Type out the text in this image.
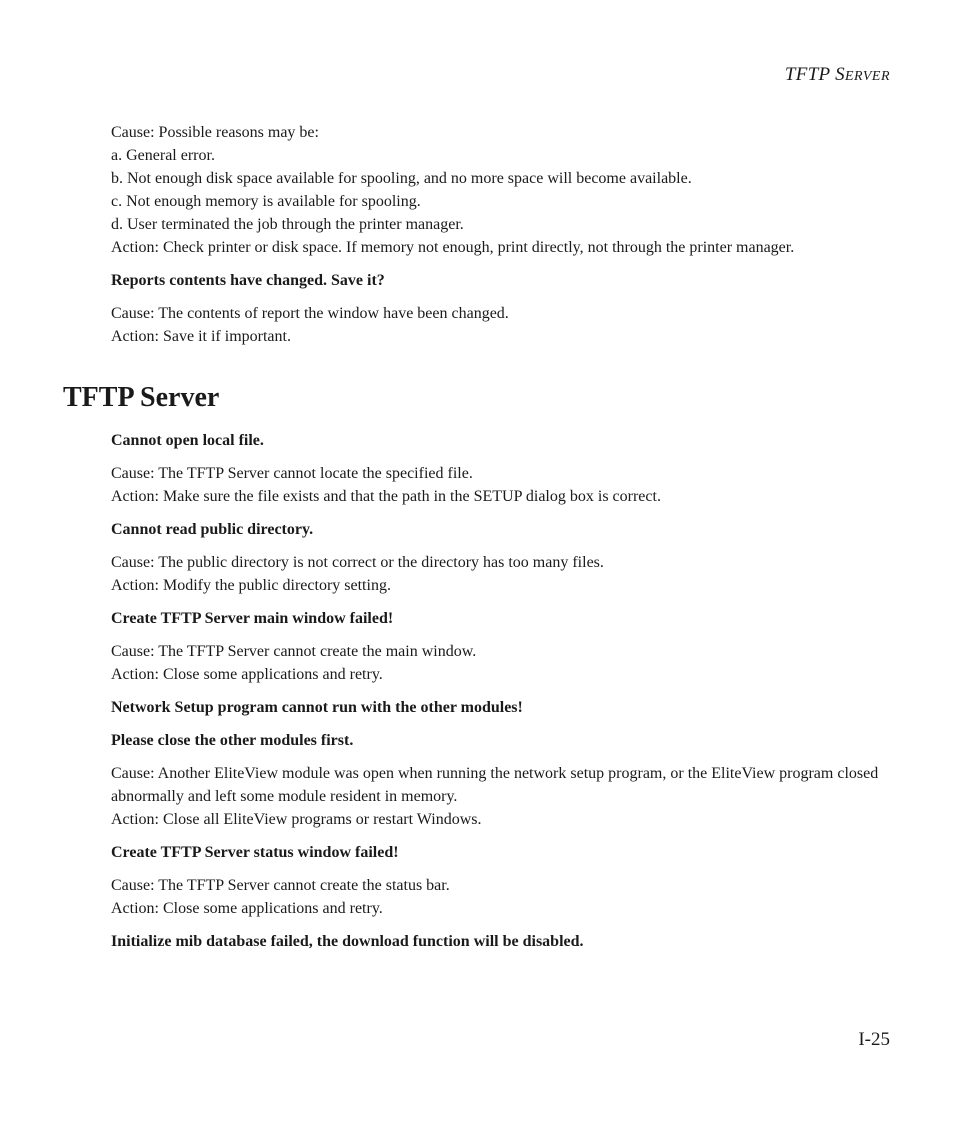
TFTP SERVER

Cause: Possible reasons may be:

a. General error.

b. Not enough disk space available for spooling, and no more space will become available.

c. Not enough memory is available for spooling.

d. User terminated the job through the printer manager.

Action: Check printer or disk space. If memory not enough, print directly, not through the printer manager.

Reports contents have changed. Save it?

Cause: The contents of report the window have been changed.

Action: Save it if important.

TFTP Server
Cannot open local file.

Cause: The TFTP Server cannot locate the specified file.

Action: Make sure the file exists and that the path in the SETUP dialog box is correct.

Cannot read public directory.

Cause: The public directory is not correct or the directory has too many files.

Action: Modify the public directory setting.

Create TFTP Server main window failed!

Cause: The TFTP Server cannot create the main window.

Action: Close some applications and retry.

Network Setup program cannot run with the other modules!
Please close the other modules first.

Cause: Another EliteView module was open when running the network setup program, or the EliteView program closed abnormally and left some module resident in memory.

Action: Close all EliteView programs or restart Windows.

Create TFTP Server status window failed!

Cause: The TFTP Server cannot create the status bar.

Action: Close some applications and retry.

Initialize mib database failed, the download function will be disabled.
I-25
